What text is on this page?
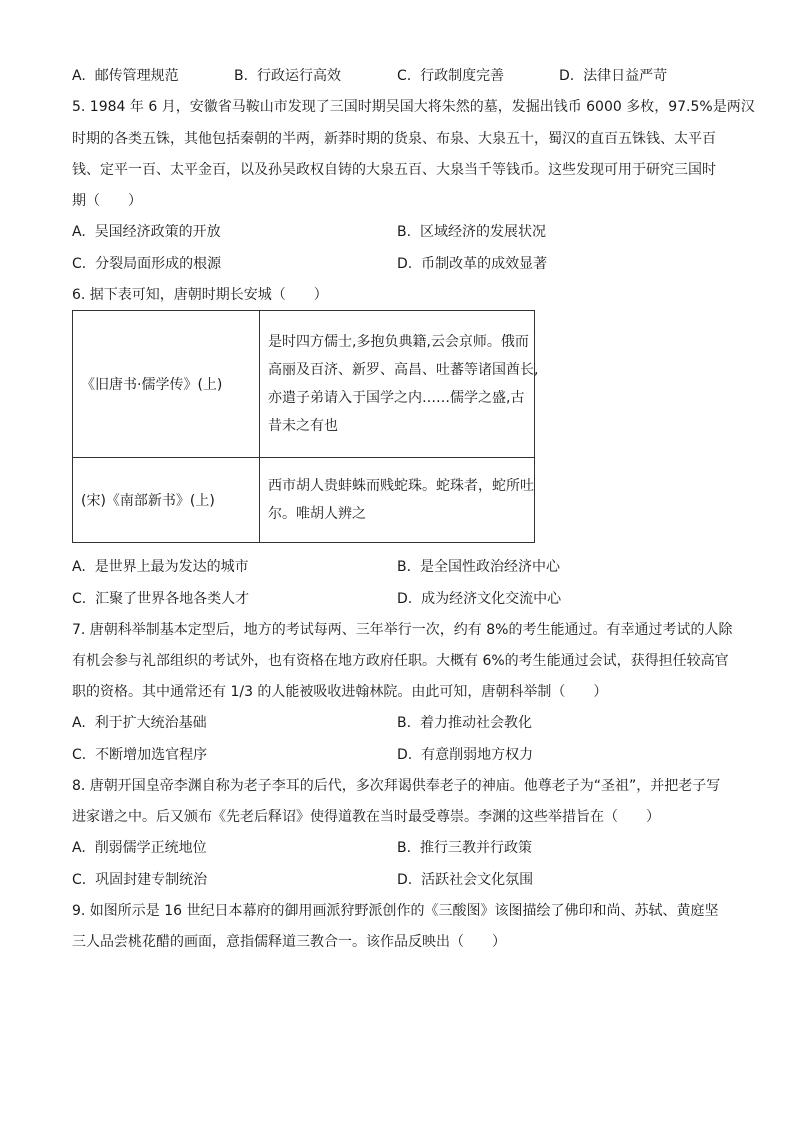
A. 邮传管理规范	B. 行政运行高效	C. 行政制度完善	D. 法律日益严苛
5. 1984 年 6 月，安徽省马鞍山市发现了三国时期吴国大将朱然的墓，发掘出钱币 6000 多枚，97.5%是两汉
时期的各类五铢，其他包括秦朝的半两，新莽时期的货泉、布泉、大泉五十，蜀汉的直百五铢钱、太平百
钱、定平一百、太平金百，以及孙吴政权自铸的大泉五百、大泉当千等钱币。这些发现可用于研究三国时
期（　　）
A. 吴国经济政策的开放	B. 区域经济的发展状况
C. 分裂局面形成的根源	D. 币制改革的成效显著
6. 据下表可知，唐朝时期长安城（　　）
《旧唐书·儒学传》(上)	是时四方儒士,多抱负典籍,云会京师。俄而
高丽及百济、新罗、高昌、吐蕃等诸国酋长,
亦遣子弟请入于国学之内……儒学之盛,古
昔未之有也

(宋)《南部新书》(上)	西市胡人贵蚌蛛而贱蛇珠。蛇珠者，蛇所吐
尔。唯胡人辨之
A. 是世界上最为发达的城市	B. 是全国性政治经济中心
C. 汇聚了世界各地各类人才	D. 成为经济文化交流中心
7. 唐朝科举制基本定型后，地方的考试每两、三年举行一次，约有 8%的考生能通过。有幸通过考试的人除
有机会参与礼部组织的考试外，也有资格在地方政府任职。大概有 6%的考生能通过会试，获得担任较高官
职的资格。其中通常还有 1/3 的人能被吸收进翰林院。由此可知，唐朝科举制（　　）
A. 利于扩大统治基础	B. 着力推动社会教化
C. 不断增加选官程序	D. 有意削弱地方权力
8. 唐朝开国皇帝李渊自称为老子李耳的后代，多次拜谒供奉老子的神庙。他尊老子为“圣祖”，并把老子写
进家谱之中。后又颁布《先老后释诏》使得道教在当时最受尊崇。李渊的这些举措旨在（　　）
A. 削弱儒学正统地位	B. 推行三教并行政策
C. 巩固封建专制统治	D. 活跃社会文化氛围
9. 如图所示是 16 世纪日本幕府的御用画派狩野派创作的《三酸图》该图描绘了佛印和尚、苏轼、黄庭坚
三人品尝桃花醋的画面，意指儒释道三教合一。该作品反映出（　　）
